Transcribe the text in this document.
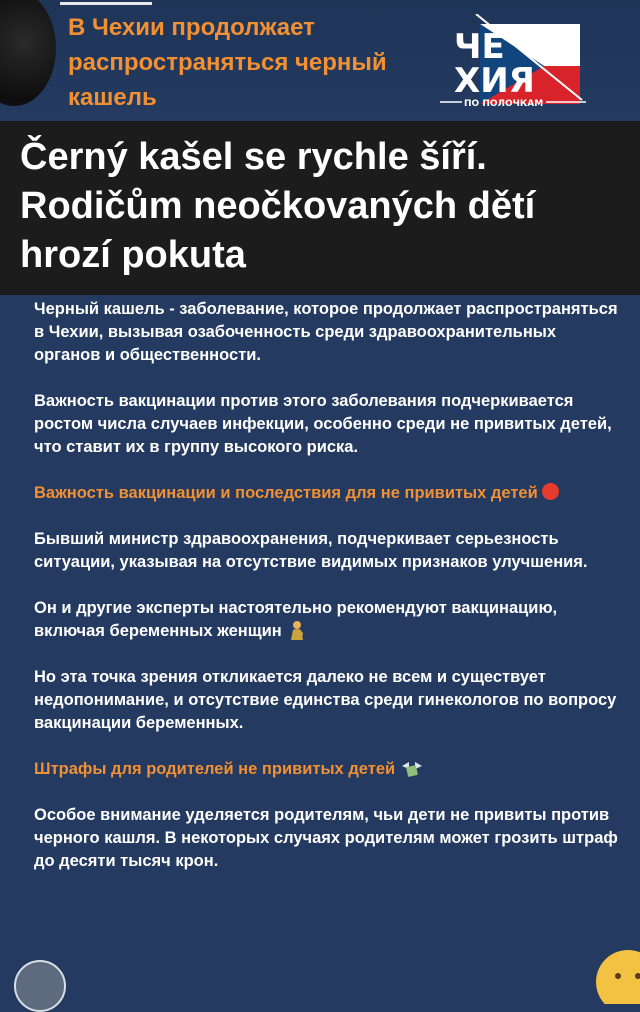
В Чехии продолжает распространяться черный кашель
ЧЕ
ХИЯ
ПО ПОЛОЧКАМ
Černý kašel se rychle šíří. Rodičům neočkovaných dětí hrozí pokuta

Черный кашель - заболевание, которое продолжает распространяться в Чехии, вызывая озабоченность среди здравоохранительных органов и общественности.

Важность вакцинации против этого заболевания подчеркивается ростом числа случаев инфекции, особенно среди не привитых детей, что ставит их в группу высокого риска.

Важность вакцинации и последствия для не привитых детей

Бывший министр здравоохранения, подчеркивает серьезность ситуации, указывая на отсутствие видимых признаков улучшения.

Он и другие эксперты настоятельно рекомендуют вакцинацию, включая беременных женщин

Но эта точка зрения откликается далеко не всем и существует недопонимание, и отсутствие единства среди гинекологов по вопросу вакцинации беременных.

Штрафы для родителей не привитых детей

Особое внимание уделяется родителям, чьи дети не привиты против черного кашля. В некоторых случаях родителям может грозить штраф до десяти тысяч крон.
